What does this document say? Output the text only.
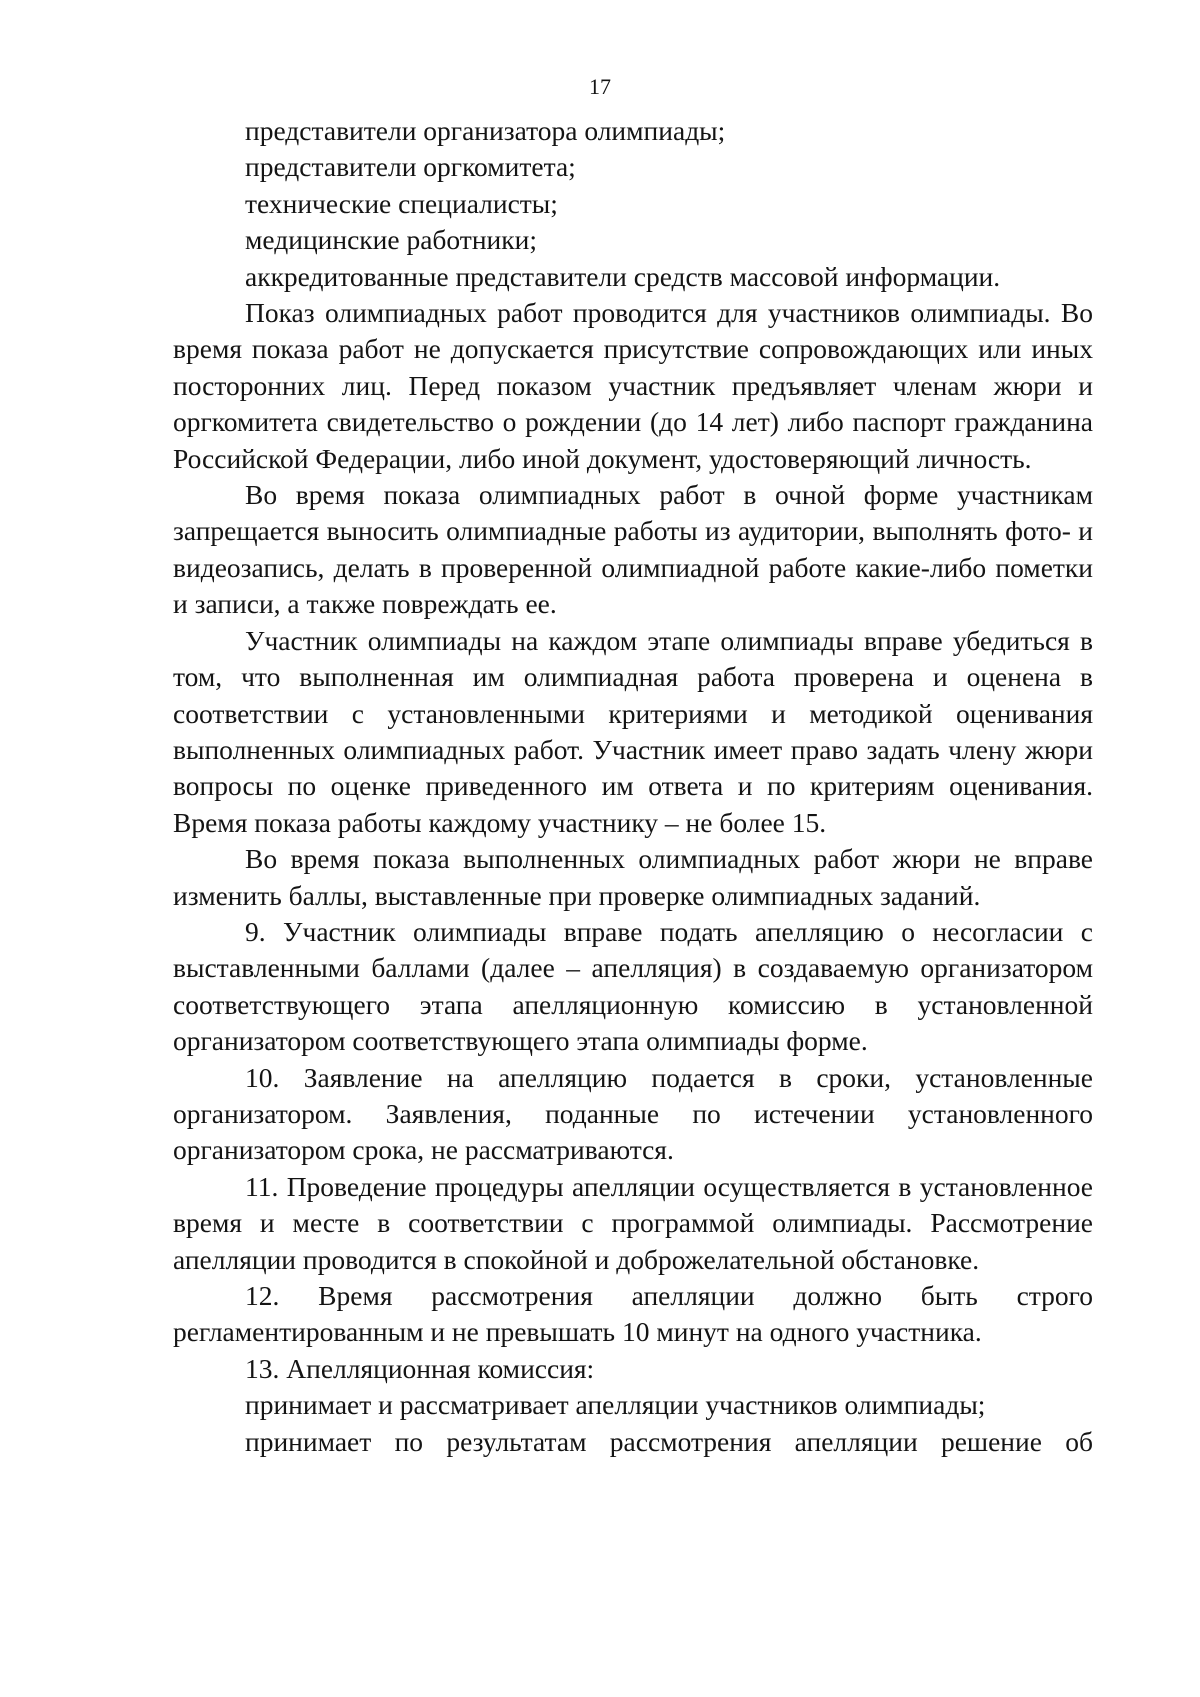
17

представители организатора олимпиады;

представители оргкомитета;

технические специалисты;

медицинские работники;

аккредитованные представители средств массовой информации.

Показ олимпиадных работ проводится для участников олимпиады. Во время показа работ не допускается присутствие сопровождающих или иных посторонних лиц. Перед показом участник предъявляет членам жюри и оргкомитета свидетельство о рождении (до 14 лет) либо паспорт гражданина Российской Федерации, либо иной документ, удостоверяющий личность.

Во время показа олимпиадных работ в очной форме участникам запрещается выносить олимпиадные работы из аудитории, выполнять фото- и видеозапись, делать в проверенной олимпиадной работе какие-либо пометки и записи, а также повреждать ее.

Участник олимпиады на каждом этапе олимпиады вправе убедиться в том, что выполненная им олимпиадная работа проверена и оценена в соответствии с установленными критериями и методикой оценивания выполненных олимпиадных работ. Участник имеет право задать члену жюри вопросы по оценке приведенного им ответа и по критериям оценивания. Время показа работы каждому участнику – не более 15.

Во время показа выполненных олимпиадных работ жюри не вправе изменить баллы, выставленные при проверке олимпиадных заданий.

9. Участник олимпиады вправе подать апелляцию о несогласии с выставленными баллами (далее – апелляция) в создаваемую организатором соответствующего этапа апелляционную комиссию в установленной организатором соответствующего этапа олимпиады форме.

10. Заявление на апелляцию подается в сроки, установленные организатором. Заявления, поданные по истечении установленного организатором срока, не рассматриваются.

11. Проведение процедуры апелляции осуществляется в установленное время и месте в соответствии с программой олимпиады. Рассмотрение апелляции проводится в спокойной и доброжелательной обстановке.

12. Время рассмотрения апелляции должно быть строго регламентированным и не превышать 10 минут на одного участника.

13. Апелляционная комиссия:

принимает и рассматривает апелляции участников олимпиады;

принимает по результатам рассмотрения апелляции решение об
